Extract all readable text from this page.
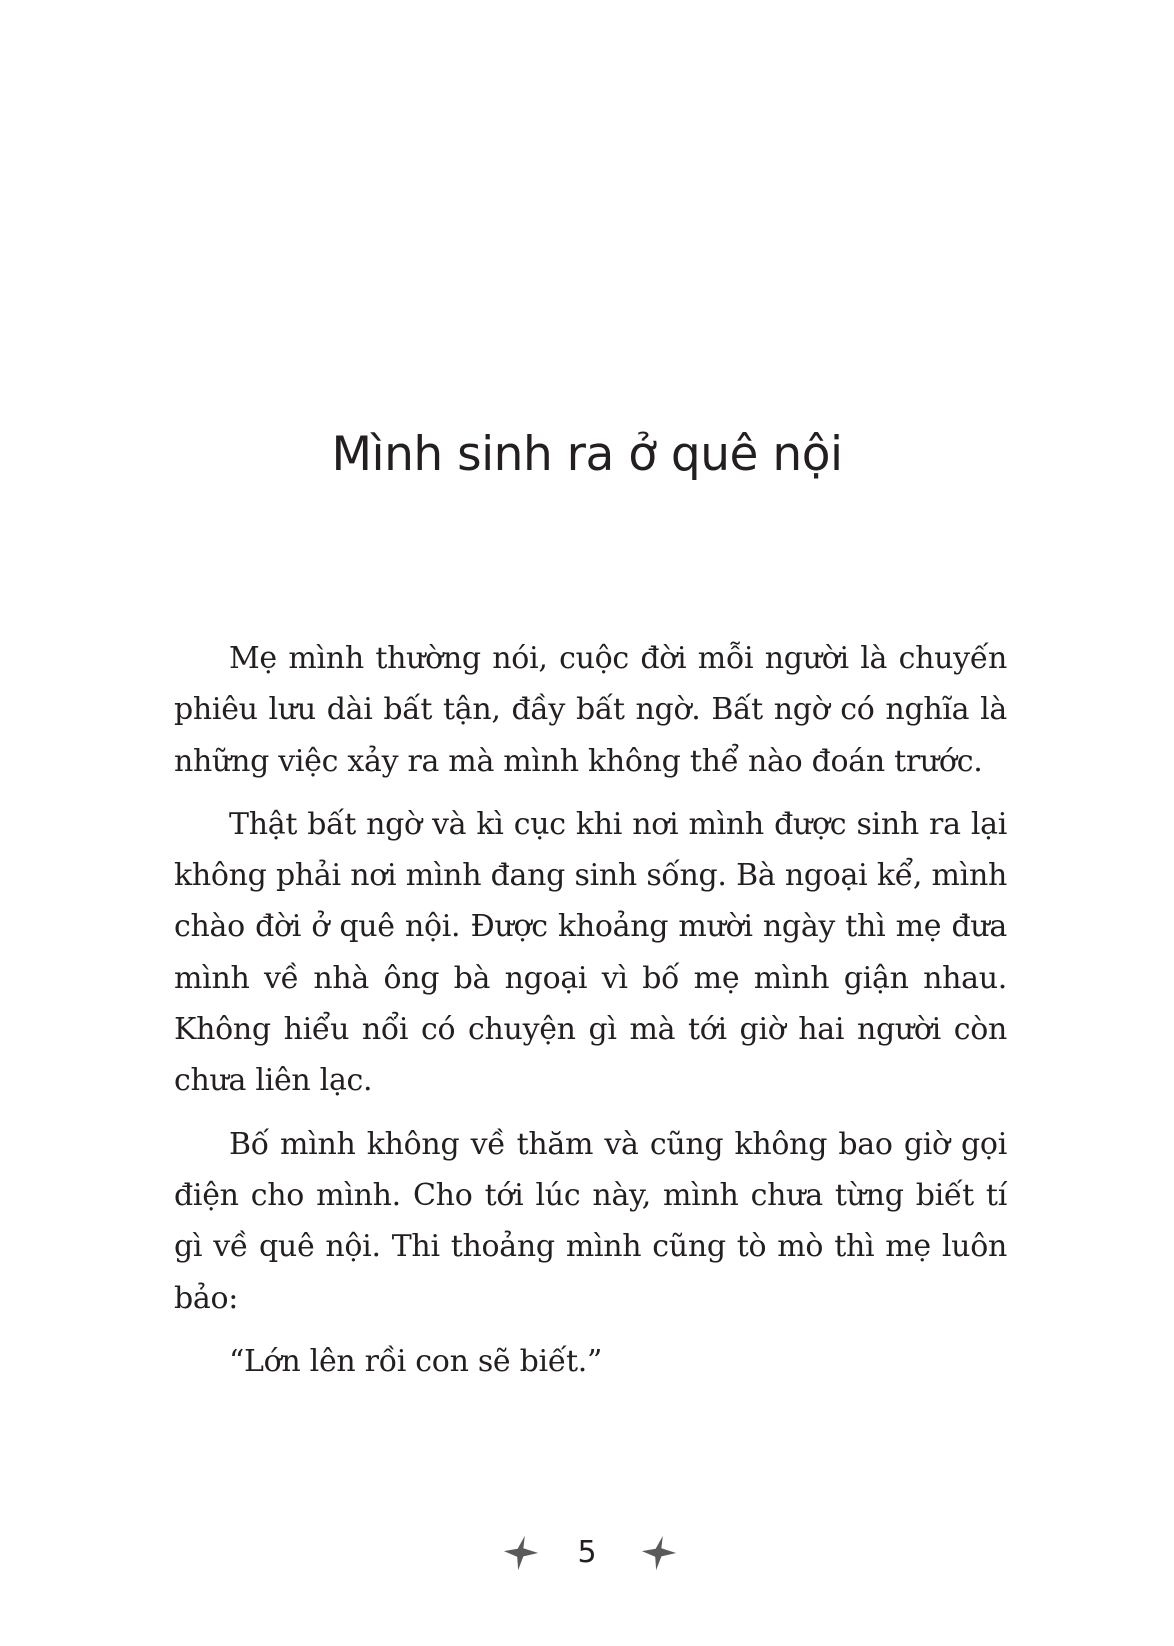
Mình sinh ra ở quê nội

Mẹ mình thường nói, cuộc đời mỗi người là chuyến phiêu lưu dài bất tận, đầy bất ngờ. Bất ngờ có nghĩa là những việc xảy ra mà mình không thể nào đoán trước.

Thật bất ngờ và kì cục khi nơi mình được sinh ra lại không phải nơi mình đang sinh sống. Bà ngoại kể, mình chào đời ở quê nội. Được khoảng mười ngày thì mẹ đưa mình về nhà ông bà ngoại vì bố mẹ mình giận nhau. Không hiểu nổi có chuyện gì mà tới giờ hai người còn chưa liên lạc.

Bố mình không về thăm và cũng không bao giờ gọi điện cho mình. Cho tới lúc này, mình chưa từng biết tí gì về quê nội. Thi thoảng mình cũng tò mò thì mẹ luôn bảo:

“Lớn lên rồi con sẽ biết.”

5
